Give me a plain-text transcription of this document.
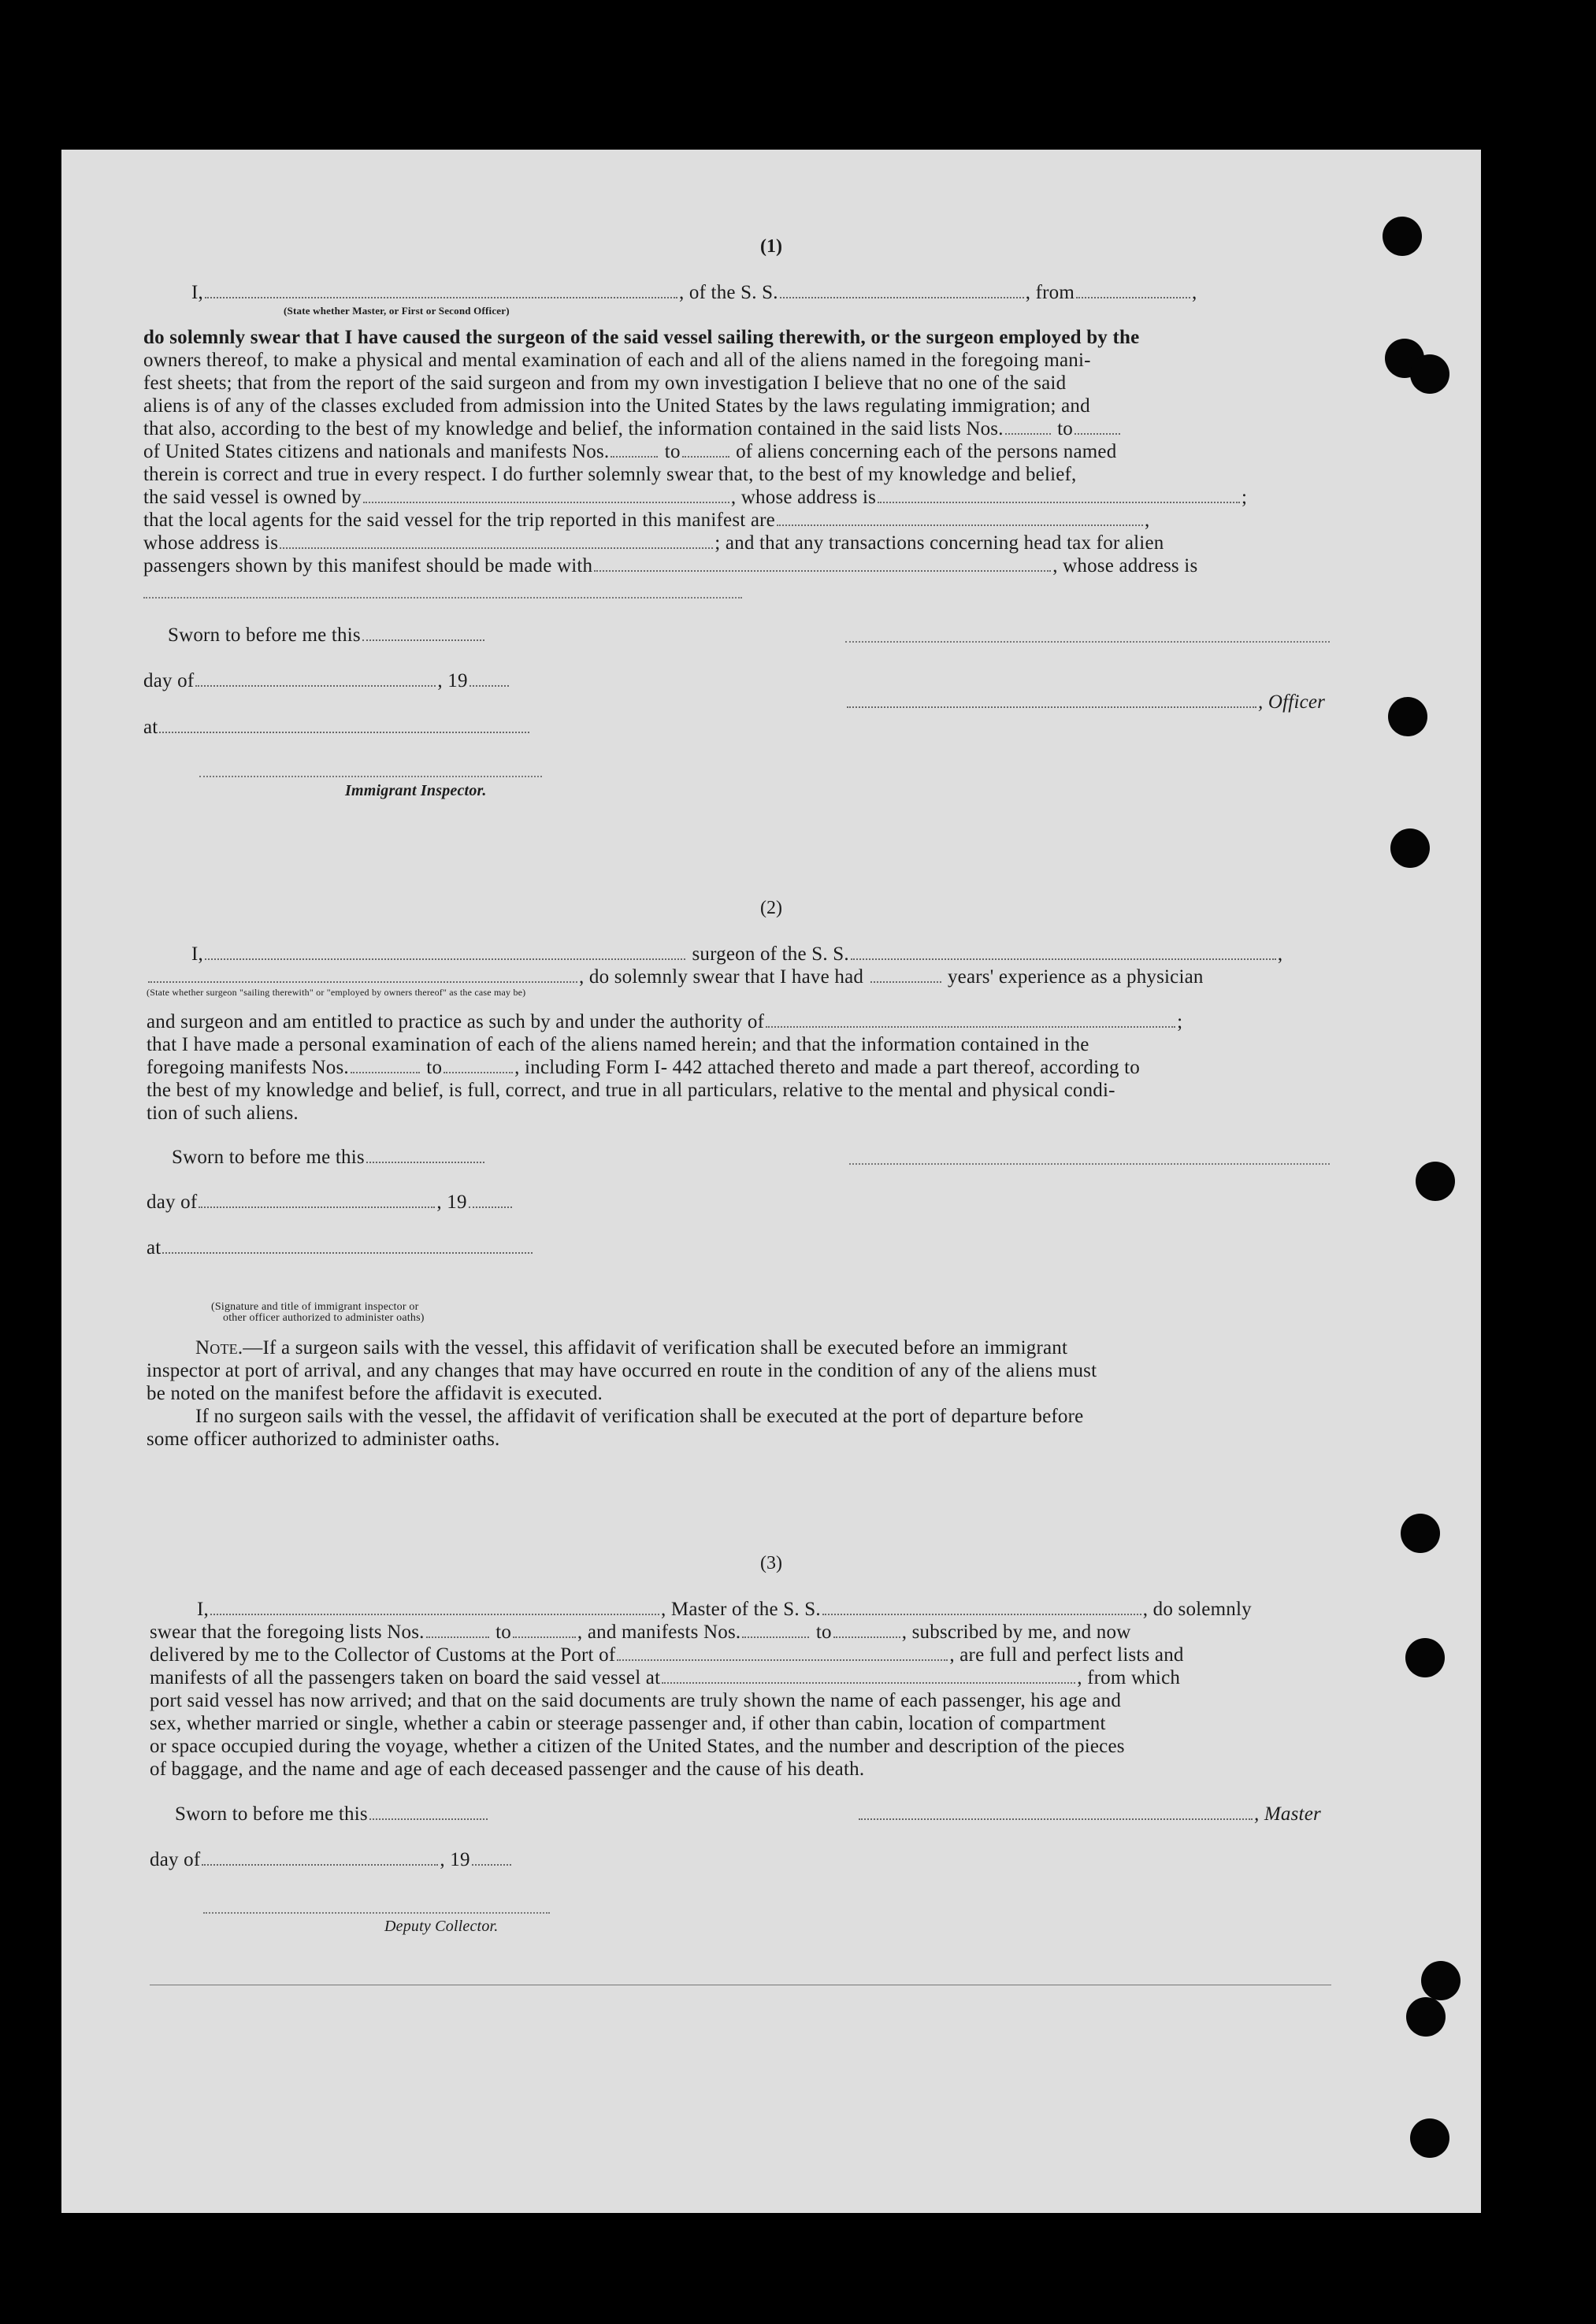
(1)
I,	, of the S. S.	, from	,
(State whether Master, or First or Second Officer)
do solemnly swear that I have caused the surgeon of the said vessel sailing therewith, or the surgeon employed by the
owners thereof, to make a physical and mental examination of each and all of the aliens named in the foregoing mani-
fest sheets; that from the report of the said surgeon and from my own investigation I believe that no one of the said
aliens is of any of the classes excluded from admission into the United States by the laws regulating immigration; and
that also, according to the best of my knowledge and belief, the information contained in the said lists Nos.	to
of United States citizens and nationals and manifests Nos.	to	of aliens concerning each of the persons named
therein is correct and true in every respect. I do further solemnly swear that, to the best of my knowledge and belief,
the said vessel is owned by	, whose address is	;
that the local agents for the said vessel for the trip reported in this manifest are	,
whose address is	; and that any transactions concerning head tax for alien
passengers shown by this manifest should be made with	, whose address is
Sworn to before me this
day of	, 19
, Officer
at
Immigrant Inspector.
(2)
I,	surgeon of the S. S.	,
, do solemnly swear that I have had	years' experience as a physician
(State whether surgeon "sailing therewith" or "employed by owners thereof" as the case may be)
and surgeon and am entitled to practice as such by and under the authority of	;
that I have made a personal examination of each of the aliens named herein; and that the information contained in the
foregoing manifests Nos.	to	, including Form I- 442 attached thereto and made a part thereof, according to
the best of my knowledge and belief, is full, correct, and true in all particulars, relative to the mental and physical condi-
tion of such aliens.
Sworn to before me this
day of	, 19
at
(Signature and title of immigrant inspector or
other officer authorized to administer oaths)
Note.—If a surgeon sails with the vessel, this affidavit of verification shall be executed before an immigrant
inspector at port of arrival, and any changes that may have occurred en route in the condition of any of the aliens must
be noted on the manifest before the affidavit is executed.
If no surgeon sails with the vessel, the affidavit of verification shall be executed at the port of departure before
some officer authorized to administer oaths.
(3)
I,	, Master of the S. S.	, do solemnly
swear that the foregoing lists Nos.	to	, and manifests Nos.	to	, subscribed by me, and now
delivered by me to the Collector of Customs at the Port of	, are full and perfect lists and
manifests of all the passengers taken on board the said vessel at	, from which
port said vessel has now arrived; and that on the said documents are truly shown the name of each passenger, his age and
sex, whether married or single, whether a cabin or steerage passenger and, if other than cabin, location of compartment
or space occupied during the voyage, whether a citizen of the United States, and the number and description of the pieces
of baggage, and the name and age of each deceased passenger and the cause of his death.
Sworn to before me this	, Master
day of	, 19
Deputy Collector.
